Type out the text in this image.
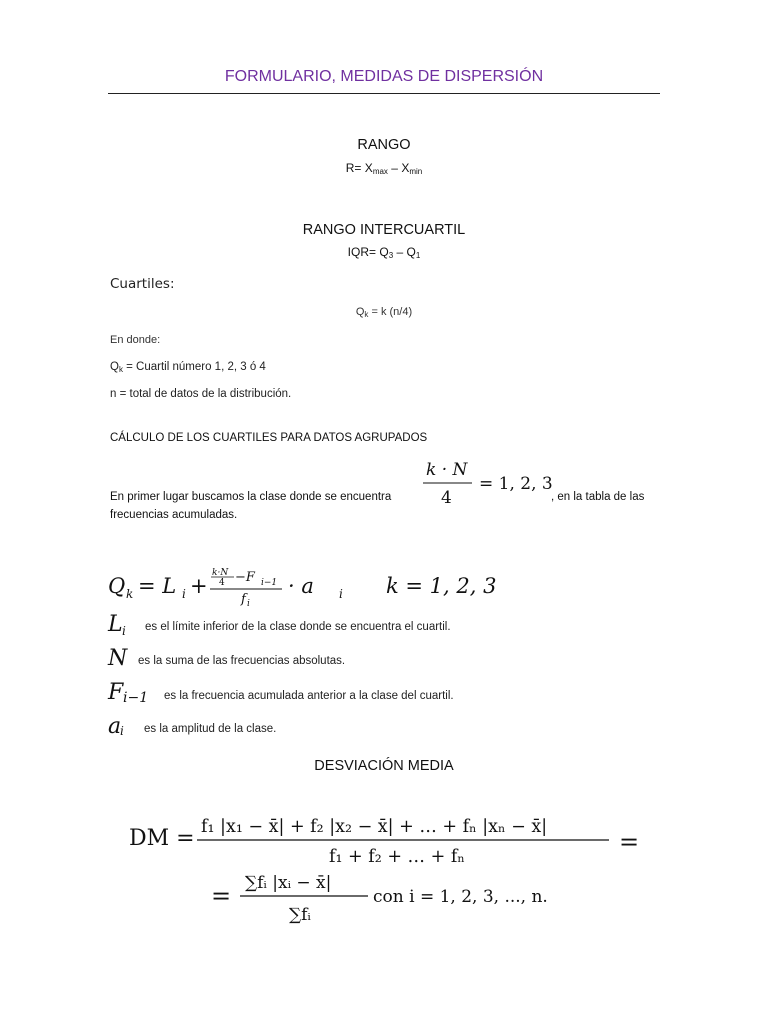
FORMULARIO, MEDIDAS DE DISPERSIÓN
RANGO
$R= X_{max} - X_{min}$
RANGO INTERCUARTIL
$IQR= Q_3 - Q_1$
Cuartiles:
$Q_k = k$ (n/4)
En donde:
$Q_k$ = Cuartil número 1, 2, 3 ó 4
n = total de datos de la distribución.
CÁLCULO DE LOS CUARTILES PARA DATOS AGRUPADOS
k · N
4
= 1, 2, 3
En primer lugar buscamos la clase donde se encuentra	, en la tabla de las
frecuencias acumuladas.
Q k = L i +
k·N
4 −F i−1
f i
· a i k = 1, 2, 3
L i es el límite inferior de la clase donde se encuentra el cuartil.
N es la suma de las frecuencias absolutas.
F i−1 es la frecuencia acumulada anterior a la clase del cuartil.
a
i es la amplitud de la clase.
DESVIACIÓN MEDIA
DM = f₁ |x₁ − x̄| + f₂ |x₂ − x̄| + … + fₙ |xₙ − x̄|
f₁ + f₂ + … + fₙ
=
= ∑fᵢ |xᵢ − x̄|
∑fᵢ
con i = 1, 2, 3, ..., n.
